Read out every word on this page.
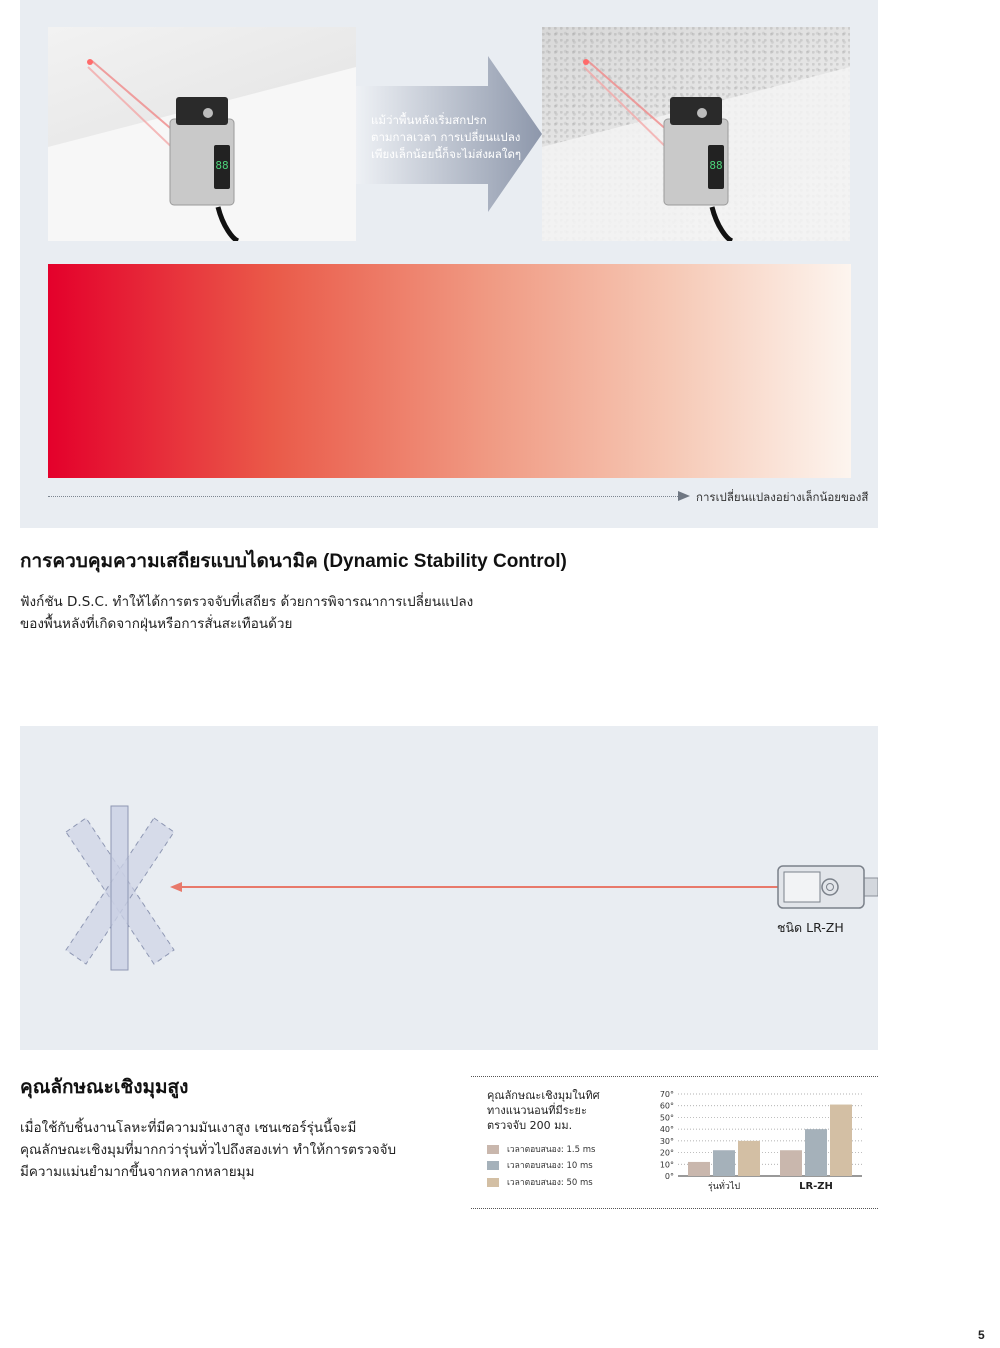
88
แม้ว่าพื้นหลังเริ่มสกปรก
ตามกาลเวลา การเปลี่ยนแปลง
เพียงเล็กน้อยนี้ก็จะไม่ส่งผลใดๆ
88
การเปลี่ยนแปลงอย่างเล็กน้อยของสี
การควบคุมความเสถียรแบบไดนามิค (Dynamic Stability Control)
ฟังก์ชัน D.S.C. ทำให้ได้การตรวจจับที่เสถียร ด้วยการพิจารณาการเปลี่ยนแปลง
ของพื้นหลังที่เกิดจากฝุ่นหรือการสั่นสะเทือนด้วย
ชนิด LR-ZH
คุณลักษณะเชิงมุมสูง
เมื่อใช้กับชิ้นงานโลหะที่มีความมันเงาสูง เซนเซอร์รุ่นนี้จะมี
คุณลักษณะเชิงมุมที่มากกว่ารุ่นทั่วไปถึงสองเท่า ทำให้การตรวจจับ
มีความแม่นยำมากขึ้นจากหลากหลายมุม
คุณลักษณะเชิงมุมในทิศ
ทางแนวนอนที่มีระยะ
ตรวจจับ 200 มม.
เวลาตอบสนอง: 1.5 ms
เวลาตอบสนอง: 10 ms
เวลาตอบสนอง: 50 ms
0°
10°
20°
30°
40°
50°
60°
70°
รุ่นทั่วไป	LR-ZH
5
